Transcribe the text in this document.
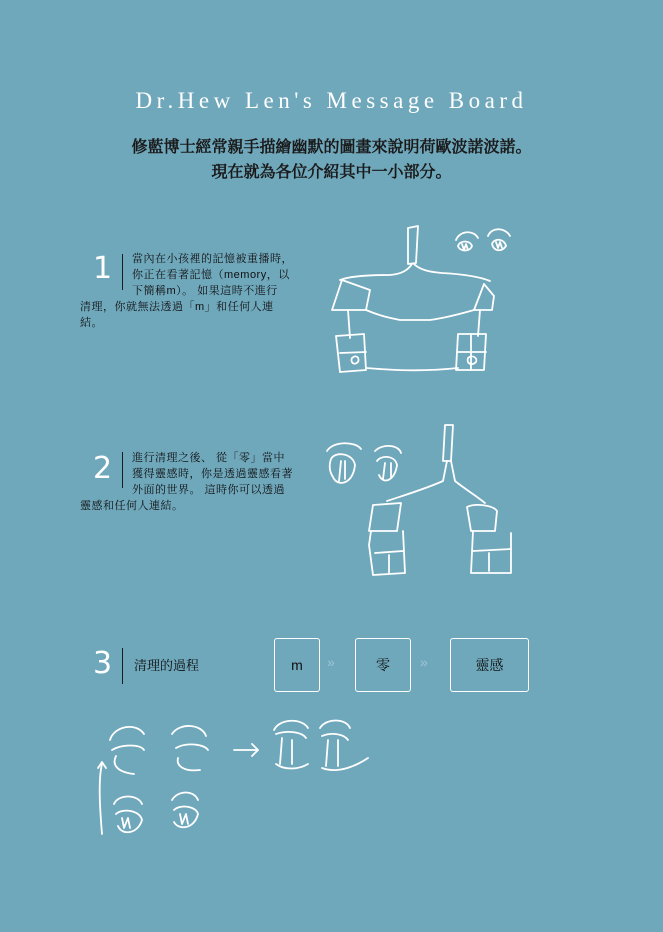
Dr.Hew Len's Message Board
修藍博士經常親手描繪幽默的圖畫來說明荷歐波諾波諾。
現在就為各位介紹其中一小部分。
1	當內在小孩裡的記憶被重播時，
你正在看著記憶（memory，以
下簡稱m）。 如果這時不進行
清理，你就無法透過「m」和任何人連
結。
2	進行清理之後、 從「零」當中
獲得靈感時，你是透過靈感看著
外面的世界。 這時你可以透過
靈感和任何人連結。
3 清理的過程	m	»	零	»	靈感
